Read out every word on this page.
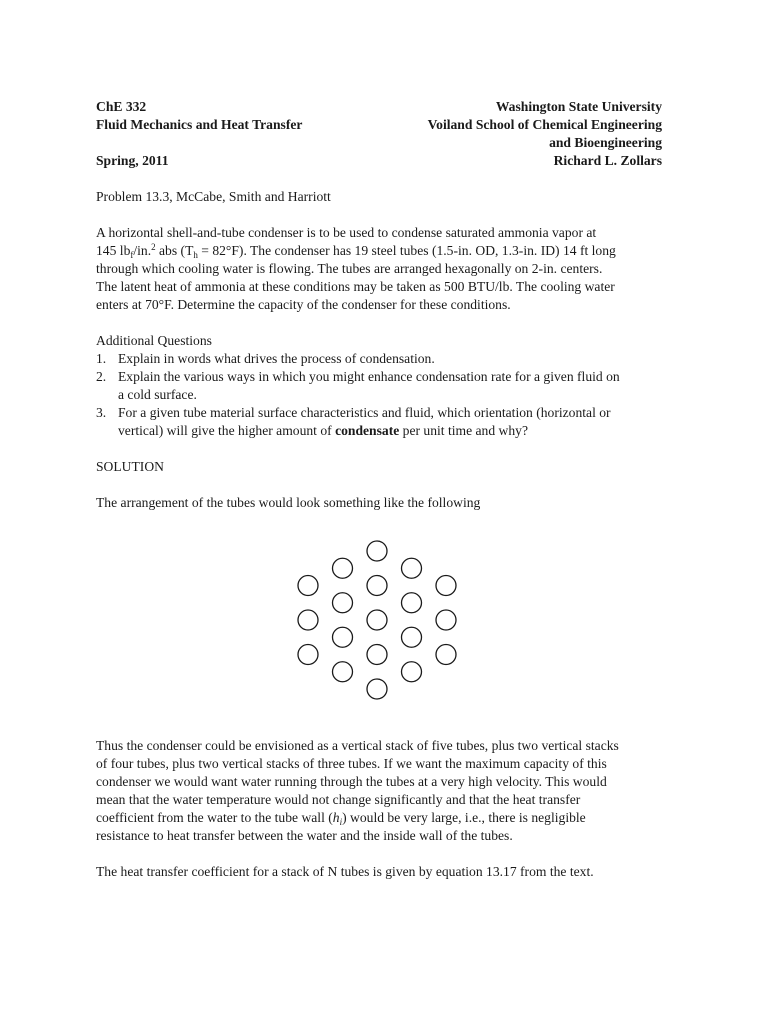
ChE 332	Washington State University
Fluid Mechanics and Heat Transfer	Voiland School of Chemical Engineering
and Bioengineering
Spring, 2011	Richard L. Zollars
Problem 13.3, McCabe, Smith and Harriott
A horizontal shell-and-tube condenser is to be used to condense saturated ammonia vapor at
145 $lb_f/in.^2$ abs $(T_h = 82^\circ F)$. The condenser has 19 steel tubes (1.5-in. OD, 1.3-in. ID) 14 ft long
through which cooling water is flowing. The tubes are arranged hexagonally on 2-in. centers.
The latent heat of ammonia at these conditions may be taken as 500 BTU/lb. The cooling water
enters at 70°F. Determine the capacity of the condenser for these conditions.
Additional Questions
1. Explain in words what drives the process of condensation.
2. Explain the various ways in which you might enhance condensation rate for a given fluid on
a cold surface.
3. For a given tube material surface characteristics and fluid, which orientation (horizontal or
vertical) will give the higher amount of condensate per unit time and why?
SOLUTION
The arrangement of the tubes would look something like the following
Thus the condenser could be envisioned as a vertical stack of five tubes, plus two vertical stacks
of four tubes, plus two vertical stacks of three tubes. If we want the maximum capacity of this
condenser we would want water running through the tubes at a very high velocity. This would
mean that the water temperature would not change significantly and that the heat transfer
coefficient from the water to the tube wall $(h_i)$ would be very large, i.e., there is negligible
resistance to heat transfer between the water and the inside wall of the tubes.
The heat transfer coefficient for a stack of N tubes is given by equation 13.17 from the text.
